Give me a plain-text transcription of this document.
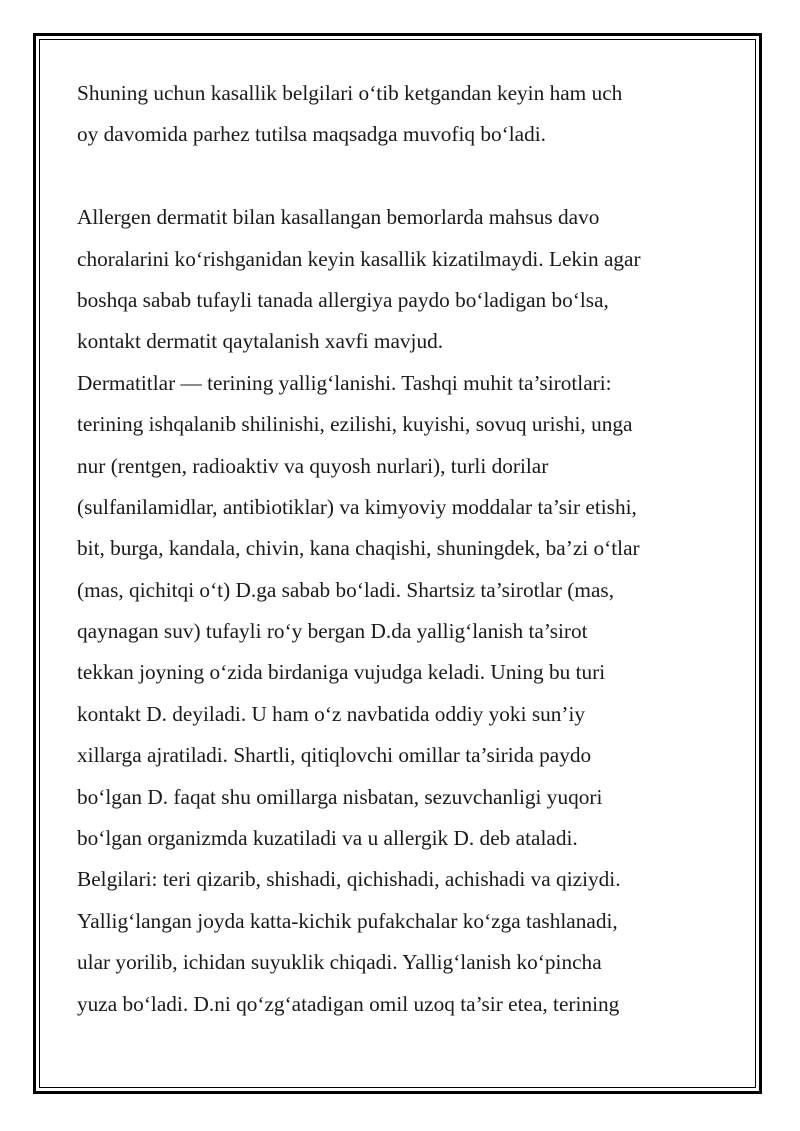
Shuning uchun kasallik belgilari o‘tib ketgandan keyin ham uch
oy davomida parhez tutilsa maqsadga muvofiq bo‘ladi.
Allergen dermatit bilan kasallangan bemorlarda mahsus davo
choralarini ko‘rishganidan keyin kasallik kizatilmaydi. Lekin agar
boshqa sabab tufayli tanada allergiya paydo bo‘ladigan bo‘lsa,
kontakt dermatit qaytalanish xavfi mavjud.
Dermatitlar — terining yallig‘lanishi. Tashqi muhit ta’sirotlari:
terining ishqalanib shilinishi, ezilishi, kuyishi, sovuq urishi, unga
nur (rentgen, radioaktiv va quyosh nurlari), turli dorilar
(sulfanilamidlar, antibiotiklar) va kimyoviy moddalar ta’sir etishi,
bit, burga, kandala, chivin, kana chaqishi, shuningdek, ba’zi o‘tlar
(mas, qichitqi o‘t) D.ga sabab bo‘ladi. Shartsiz ta’sirotlar (mas,
qaynagan suv) tufayli ro‘y bergan D.da yallig‘lanish ta’sirot
tekkan joyning o‘zida birdaniga vujudga keladi. Uning bu turi
kontakt D. deyiladi. U ham o‘z navbatida oddiy yoki sun’iy
xillarga ajratiladi. Shartli, qitiqlovchi omillar ta’sirida paydo
bo‘lgan D. faqat shu omillarga nisbatan, sezuvchanligi yuqori
bo‘lgan organizmda kuzatiladi va u allergik D. deb ataladi.
Belgilari: teri qizarib, shishadi, qichishadi, achishadi va qiziydi.
Yallig‘langan joyda katta-kichik pufakchalar ko‘zga tashlanadi,
ular yorilib, ichidan suyuklik chiqadi. Yallig‘lanish ko‘pincha
yuza bo‘ladi. D.ni qo‘zg‘atadigan omil uzoq ta’sir etea, terining
